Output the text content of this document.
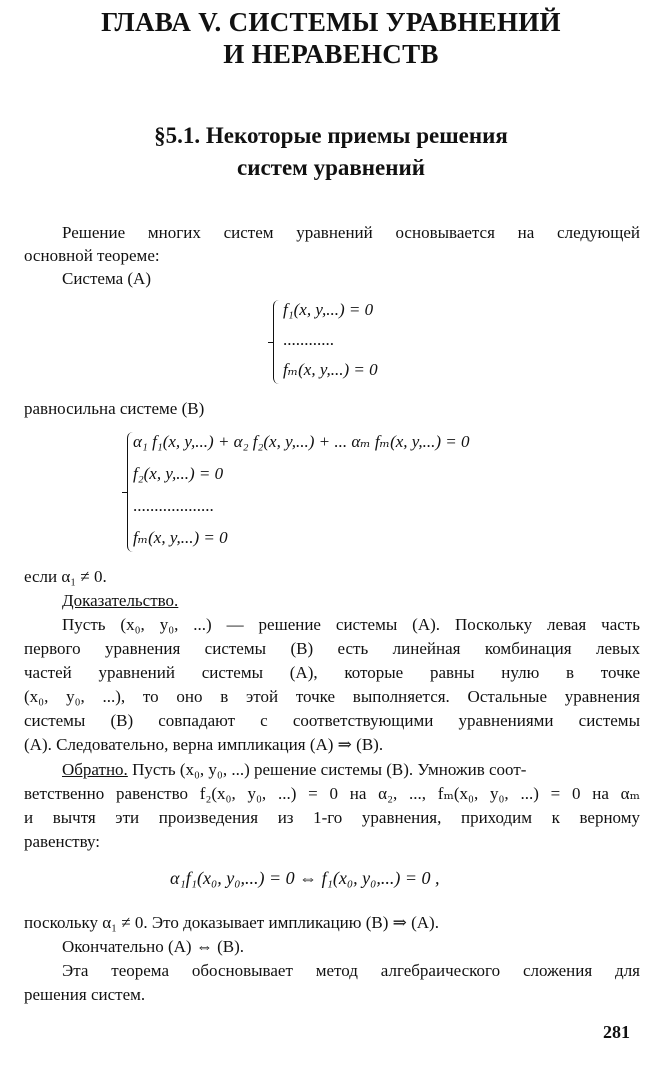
ГЛАВА V. СИСТЕМЫ УРАВНЕНИЙ
И НЕРАВЕНСТВ
§5.1. Некоторые приемы решения
систем уравнений
Решение многих систем уравнений основывается на следующей
основной теореме:
Система (А)
f₁(x, y,...) = 0
............
fₘ(x, y,...) = 0
равносильна системе (В)
α₁ f₁(x, y,...) + α₂ f₂(x, y,...) + ... αₘ fₘ(x, y,...) = 0
f₂(x, y,...) = 0
...................
fₘ(x, y,...) = 0
если α₁ ≠ 0.
Доказательство.
Пусть (x₀, y₀, ...) — решение системы (А). Поскольку левая часть
первого уравнения системы (В) есть линейная комбинация левых
частей уравнений системы (А), которые равны нулю в точке
(x₀, y₀, ...), то оно в этой точке выполняется. Остальные уравнения
системы (В) совпадают с соответствующими уравнениями системы
(А). Следовательно, верна импликация (А) ⇒ (В).
Обратно. Пусть (x₀, y₀, ...) решение системы (В). Умножив соот-
ветственно равенство f₂(x₀, y₀, ...) = 0 на α₂, ..., fₘ(x₀, y₀, ...) = 0 на αₘ
и вычтя эти произведения из 1-го уравнения, приходим к верному
равенству:
α₁f₁(x₀, y₀,...) = 0 ⇔ f₁(x₀, y₀,...) = 0 ,
поскольку α₁ ≠ 0. Это доказывает импликацию (В) ⇒ (А).
Окончательно (А) ⇔ (В).
Эта теорема обосновывает метод алгебраического сложения для
решения систем.
281
